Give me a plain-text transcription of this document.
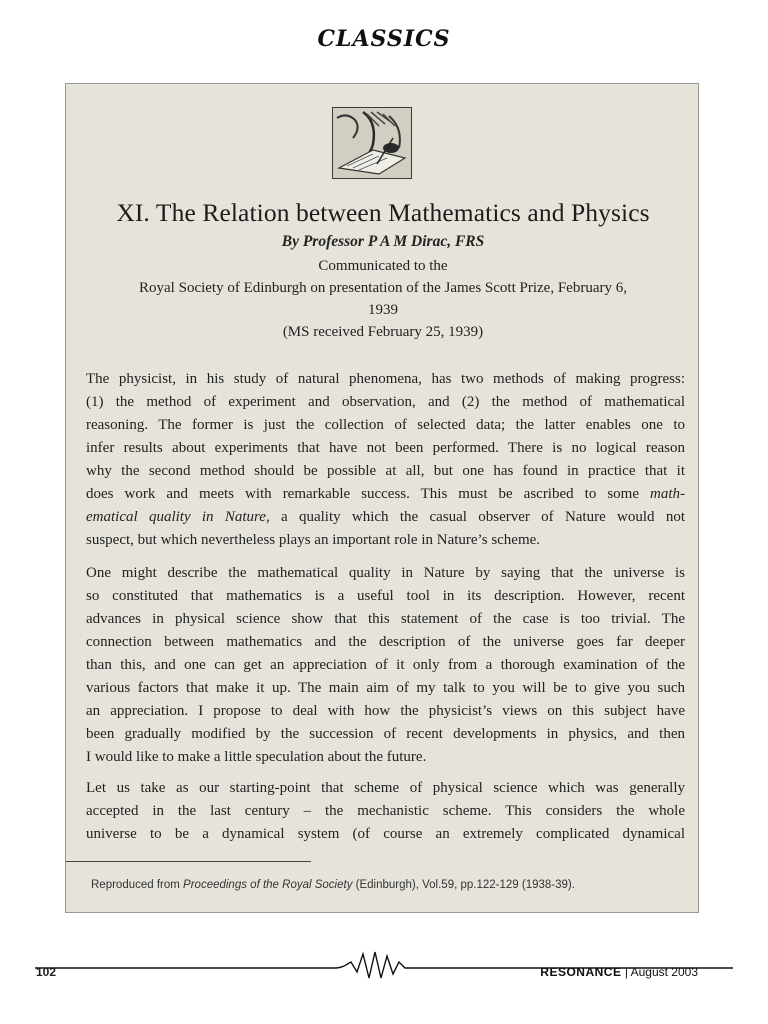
CLASSICS
XI. The Relation between Mathematics and Physics
By Professor P A M Dirac, FRS
Communicated to the
Royal Society of Edinburgh on presentation of the James Scott Prize, February 6,
1939
(MS received February 25, 1939)
The physicist, in his study of natural phenomena, has two methods of making progress:
(1) the method of experiment and observation, and (2) the method of mathematical
reasoning. The former is just the collection of selected data; the latter enables one to
infer results about experiments that have not been performed. There is no logical reason
why the second method should be possible at all, but one has found in practice that it
does work and meets with remarkable success. This must be ascribed to some math-
ematical quality in Nature, a quality which the casual observer of Nature would not
suspect, but which nevertheless plays an important role in Nature’s scheme.
One might describe the mathematical quality in Nature by saying that the universe is
so constituted that mathematics is a useful tool in its description. However, recent
advances in physical science show that this statement of the case is too trivial. The
connection between mathematics and the description of the universe goes far deeper
than this, and one can get an appreciation of it only from a thorough examination of the
various factors that make it up. The main aim of my talk to you will be to give you such
an appreciation. I propose to deal with how the physicist’s views on this subject have
been gradually modified by the succession of recent developments in physics, and then
I would like to make a little speculation about the future.
Let us take as our starting-point that scheme of physical science which was generally
accepted in the last century – the mechanistic scheme. This considers the whole
universe to be a dynamical system (of course an extremely complicated dynamical
Reproduced from Proceedings of the Royal Society (Edinburgh), Vol.59, pp.122-129 (1938-39).
102	RESONANCE | August 2003
